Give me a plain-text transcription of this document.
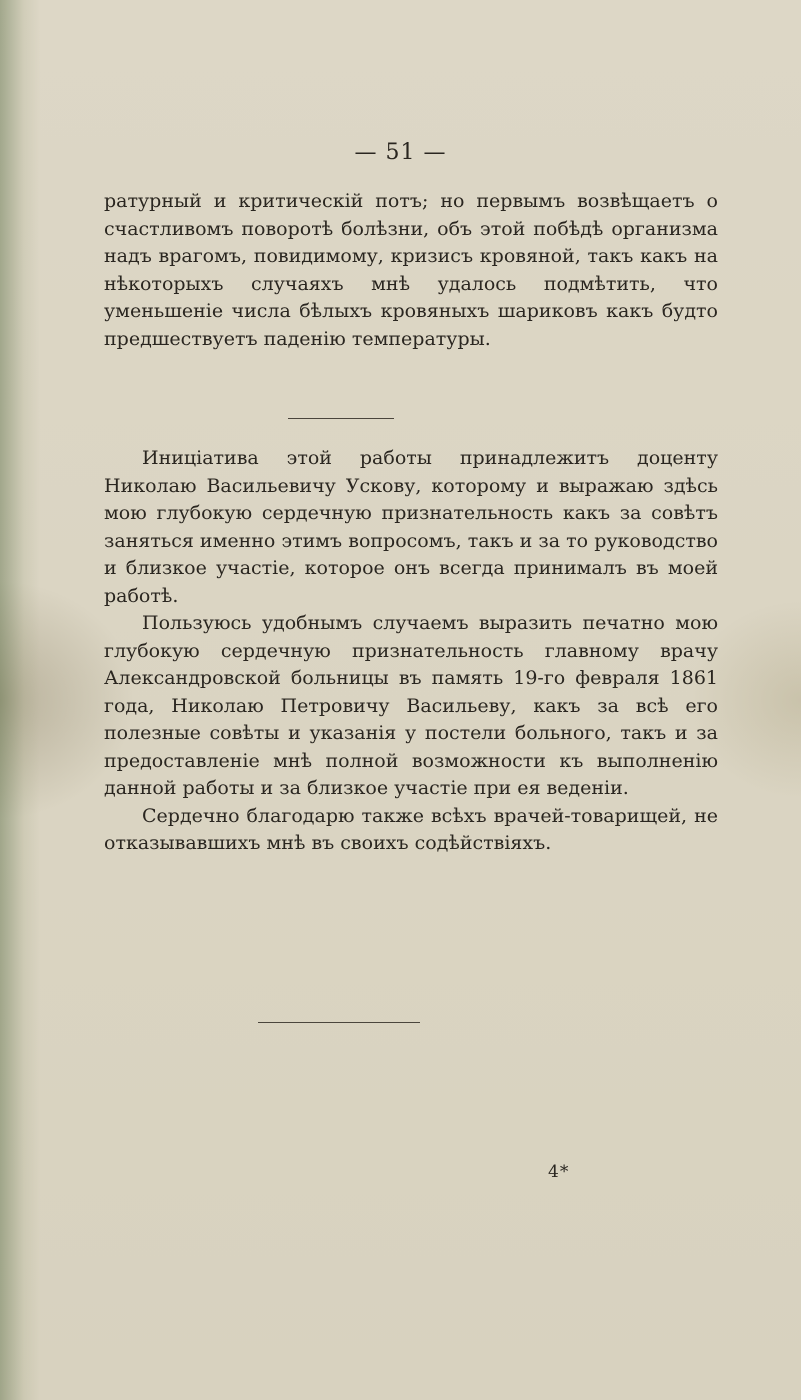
— 51 —

ратурный и критическій потъ; но первымъ возвѣщаетъ о счастливомъ поворотѣ болѣзни, объ этой побѣдѣ организма надъ врагомъ, повидимому, кризисъ кровяной, такъ какъ на нѣкоторыхъ случаяхъ мнѣ удалось подмѣтить, что уменьшеніе числа бѣлыхъ кровяныхъ шариковъ какъ будто предшествуетъ паденію температуры.

Иниціатива этой работы принадлежитъ доценту Николаю Васильевичу Ускову, которому и выражаю здѣсь мою глубокую сердечную признательность какъ за совѣтъ заняться именно этимъ вопросомъ, такъ и за то руководство и близкое участіе, которое онъ всегда принималъ въ моей работѣ.

Пользуюсь удобнымъ случаемъ выразить печатно мою глубокую сердечную признательность главному врачу Александровской больницы въ память 19-го февраля 1861 года, Николаю Петровичу Васильеву, какъ за всѣ его полезные совѣты и указанія у постели больного, такъ и за предоставленіе мнѣ полной возможности къ выполненію данной работы и за близкое участіе при ея веденіи.

Сердечно благодарю также всѣхъ врачей-товарищей, не отказывавшихъ мнѣ въ своихъ содѣйствіяхъ.

4*
